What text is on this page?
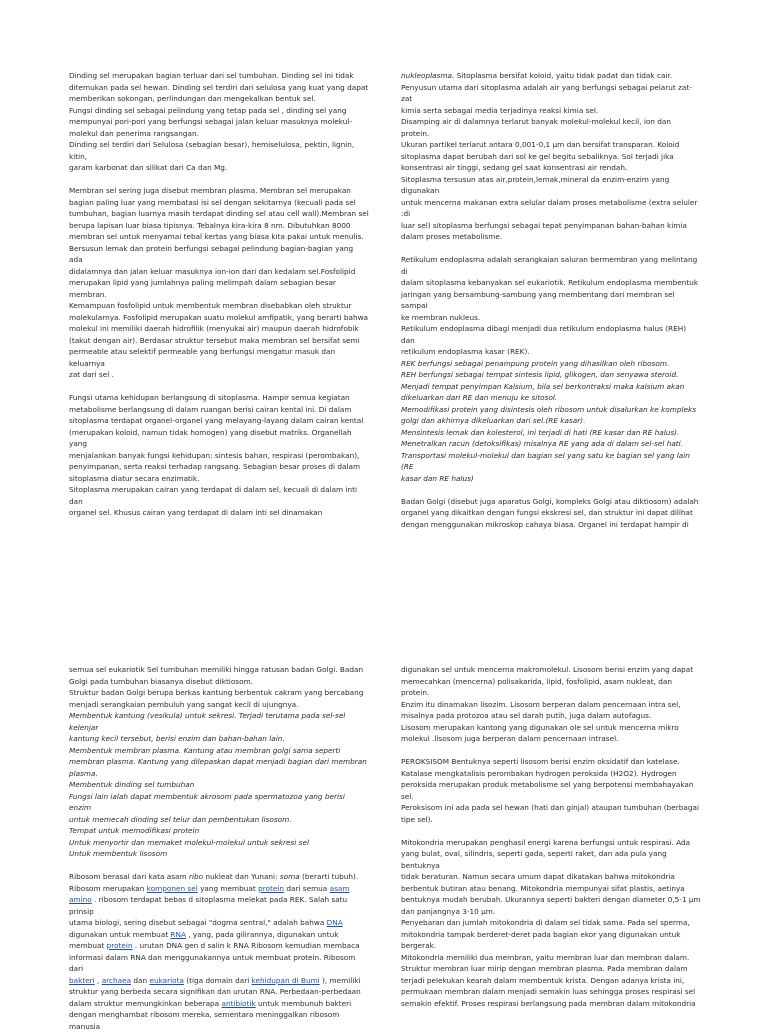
Dinding sel merupakan bagian terluar dari sel tumbuhan. Dinding sel ini tidak

ditemukan pada sel hewan. Dinding sel terdiri dari selulosa yang kuat yang dapat

memberikan sokongan, perlindungan dan mengekalkan bentuk sel.

Fungsi dinding sel sebagai pelindung yang tetap pada sel , dinding sel yang

mempunyai pori-pori yang berfungsi sebagai jalan keluar masuknya molekul-

molekul dan penerima rangsangan.

Dinding sel terdiri dari Selulosa (sebagian besar), hemiselulosa, pektin, lignin, kitin,

garam karbonat dan silikat dari Ca dan Mg.

Membran sel sering juga disebut membran plasma. Membran sel merupakan

bagian paling luar yang membatasi isi sel dengan sekitarnya (kecuali pada sel

tumbuhan, bagian luarnya masih terdapat dinding sel atau cell wall).Membran sel

berupa lapisan luar biasa tipisnya. Tebalnya kira-kira 8 nm. Dibutuhkan 8000

membran sel untuk menyamai tebal kertas yang biasa kita pakai untuk menulis.

Bersusun lemak dan protein berfungsi sebagai pelindung bagian-bagian yang ada

didalamnya dan jalan keluar masuknya ion-ion dari dan kedalam sel.Fosfolipid

merupakan lipid yang jumlahnya paling melimpah dalam sebagian besar membran.

Kemampuan fosfolipid untuk membentuk membran disebabkan oleh struktur

molekularnya. Fosfolipid merupakan suatu molekul amfipatik, yang berarti bahwa

molekul ini memiliki daerah hidrofilik (menyukai air) maupun daerah hidrofobik

(takut dengan air). Berdasar struktur tersebut maka membran sel bersifat semi

permeable atau selektif permeable yang berfungsi mengatur masuk dan keluarnya

zat dari sel .

Fungsi utama kehidupan berlangsung di sitoplasma. Hampir semua kegiatan

metabolisme berlangsung di dalam ruangan berisi cairan kental ini. Di dalam

sitoplasma terdapat organel-organel yang melayang-layang dalam cairan kental

(merupakan koloid, namun tidak homogen) yang disebut matriks. Organellah yang

menjalankan banyak fungsi kehidupan: sintesis bahan, respirasi (perombakan),

penyimpanan, serta reaksi terhadap rangsang. Sebagian besar proses di dalam

sitoplasma diatur secara enzimatik.

Sitoplasma merupakan cairan yang terdapat di dalam sel, kecuali di dalam inti dan

organel sel. Khusus cairan yang terdapat di dalam inti sel dinamakan

nukleoplasma. Sitoplasma bersifat koloid, yaitu tidak padat dan tidak cair.

Penyusun utama dari sitoplasma adalah air yang berfungsi sebagai pelarut zat-zat

kimia serta sebagai media terjadinya reaksi kimia sel.

Disamping air di dalamnya terlarut banyak molekul-molekul kecil, ion dan protein.

Ukuran partikel terlarut antara 0,001-0,1 μm dan bersifat transparan. Koloid

sitoplasma dapat berubah dari sol ke gel begitu sebaliknya. Sol terjadi jika

konsentrasi air tinggi, sedang gel saat konsentrasi air rendah.

Sitoplasma tersusun atas air,protein,lemak,mineral da enzim-enzim yang digunakan

untuk mencerna makanan extra selular dalam proses metabolisme (extra seluler :di

luar sel) sitoplasma berfungsi sebagai tepat penyimpanan bahan-bahan kimia

dalam proses metabolisme.

Retikulum endoplasma adalah serangkaian saluran bermembran yang melintang di

dalam sitoplasma kebanyakan sel eukariotik. Retikulum endoplasma membentuk

jaringan yang bersambung-sambung yang membentang dari membran sel sampai

ke membran nukleus.

Retikulum endoplasma dibagi menjadi dua retikulum endoplasma halus (REH) dan

retikulum endoplasma kasar (REK).

REK berfungsi sebagai penampung protein yang dihasilkan oleh ribosom.

REH berfungsi sebagai tempat sintesis lipid, glikogen, dan senyawa steroid.

Menjadi tempat penyimpan Kalsium, bila sel berkontraksi maka kalsium akan

dikeluarkan dari RE dan menuju ke sitosol.

Memodifikasi protein yang disintesis oleh ribosom untuk disalurkan ke kompleks

golgi dan akhirnya dikeluarkan dari sel.(RE kasar).

Mensintesis lemak dan kolesterol, ini terjadi di hati (RE kasar dan RE halus).

Menetralkan racun (detoksifikas) misalnya RE yang ada di dalam sel-sel hati.

Transportasi molekul-molekul dan bagian sel yang satu ke bagian sel yang lain (RE

kasar dan RE halus)

Badan Golgi (disebut juga aparatus Golgi, kompleks Golgi atau diktiosom) adalah

organel yang dikaitkan dengan fungsi ekskresi sel, dan struktur ini dapat dilihat

dengan menggunakan mikroskop cahaya biasa. Organel ini terdapat hampir di

semua sel eukariotik Sel tumbuhan memiliki hingga ratusan badan Golgi. Badan

Golgi pada tumbuhan biasanya disebut diktiosom.

Struktur badan Golgi berupa berkas kantung berbentuk cakram yang bercabang

menjadi serangkaian pembuluh yang sangat kecil di ujungnya.

Membentuk kantung (vesikula) untuk sekresi. Terjadi terutama pada sel-sel kelenjar

kantung kecil tersebut, berisi enzim dan bahan-bahan lain.

Membentuk membran plasma. Kantung atau membran golgi sama seperti

membran plasma. Kantung yang dilepaskan dapat menjadi bagian dari membran

plasma.

Membentuk dinding sel tumbuhan

Fungsi lain ialah dapat membentuk akrosom pada spermatozoa yang berisi enzim

untuk memecah dinding sel telur dan pembentukan lisosom.

Tempat untuk memodifikasi protein

Untuk menyortir dan memaket molekul-molekul untuk sekresi sel

Untuk membentuk lisosom

Ribosom berasal dari kata asam ribo nukleat dan Yunani: soma (berarti tubuh).

Ribosom merupakan komponen sel yang membuat protein dari semua asam

amino . ribosom terdapat bebas d sitoplasma melekat pada REK. Salah satu prinsip

utama biologi, sering disebut sebagai "dogma sentral," adalah bahwa DNA

digunakan untuk membuat RNA , yang, pada gilirannya, digunakan untuk

membuat protein . urutan DNA gen d salin k RNA Ribosom kemudian membaca

informasi dalam RNA dan menggunakannya untuk membuat protein. Ribosom dari

bakteri , archaea dan eukariota (tiga domain dari kehidupan di Bumi ), memiliki

struktur yang berbeda secara signifikan dan urutan RNA. Perbedaan-perbedaan

dalam struktur memungkinkan beberapa antibiotik untuk membunuh bakteri

dengan menghambat ribosom mereka, sementara meninggalkan ribosom manusia

digunakan sel untuk mencerna makromolekul. Lisosom berisi enzim yang dapat

memecahkan (mencerna) polisakarida, lipid, fosfolipid, asam nukleat, dan protein.

Enzim itu dinamakan lisozim. Lisosom berperan dalam pencernaan intra sel,

misalnya pada protozoa atau sel darah putih, juga dalam autofagus.

Lisosom merupakan kantong yang digunakan ole sel untuk mencerna mikro

molekul .lisosom juga berperan dalam pencernaan intrasel.

PEROKSISOM Bentuknya seperti lisosom berisi enzim oksidatif dan katelase.

Katalase mengkatalisis perombakan hydrogen peroksida (H2O2). Hydrogen

peroksida merupakan produk metabolisme sel yang berpotensi membahayakan sel.

Peroksisom ini ada pada sel hewan (hati dan ginjal) ataupan tumbuhan (berbagai

tipe sel).

Mitokondria merupakan penghasil energi karena berfungsi untuk respirasi. Ada

yang bulat, oval, silindris, seperti gada, seperti raket, dan ada pula yang bentuknya

tidak beraturan. Namun secara umum dapat dikatakan bahwa mitokondria

berbentuk butiran atau benang. Mitokondria mempunyai sifat plastis, aetinya

bentuknya mudah berubah. Ukurannya seperti bakteri dengan diameter 0,5-1 μm

dan panjangnya 3-10 μm.

Penyebaran dan jumlah mitokondria di dalam sel tidak sama. Pada sel sperma,

mitokondria tampak berderet-deret pada bagian ekor yang digunakan untuk

bergerak.

Mitokondria memiliki dua membran, yaitu membran luar dan membran dalam.

Struktur membran luar mirip dengan membran plasma. Pada membran dalam

terjadi pelekukan kearah dalam membentuk krista. Dengan adanya krista ini,

permukaan membran dalam menjadi semakin luas sehingga proses respirasi sel

semakin efektif. Proses respirasi berlangsung pada membran dalam mitokondria
